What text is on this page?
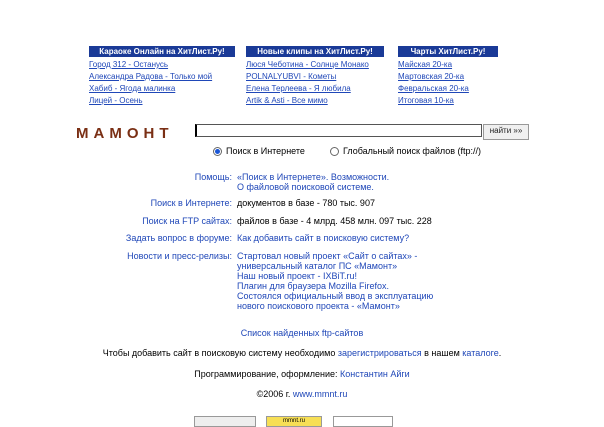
Караоке Онлайн на ХитЛист.Ру!
Город 312 - Останусь
Александра Радова - Только мой
Хабиб - Ягода малинка
Лицей - Осень
Новые клипы на ХитЛист.Ру!
Люся Чеботина - Солнце Монако
POLNALYUBVI - Кометы
Елена Терлеева - Я любила
Artik & Asti - Все мимо
Чарты ХитЛист.Ру!
Майская 20-ка
Мартовская 20-ка
Февральская 20-ка
Итоговая 10-ка
МАМОНТ	найти »»
Поиск в Интернете	Глобальный поиск файлов (ftp://)
Помощь: «Поиск в Интернете». Возможности.
О файловой поисковой системе.
Поиск в Интернете: документов в базе - 780 тыс. 907
Поиск на FTP сайтах: файлов в базе - 4 млрд. 458 млн. 097 тыс. 228
Задать вопрос в форуме: Как добавить сайт в поисковую систему?
Новости и пресс-релизы: Стартовал новый проект «Сайт о сайтах» -
универсальный каталог ПС «Мамонт»
Наш новый проект - IXBiT.ru!
Плагин для браузера Mozilla Firefox.
Состоялся официальный ввод в эксплуатацию
нового поискового проекта - «Мамонт»
Список найденных ftp-сайтов
Чтобы добавить сайт в поисковую систему необходимо зарегистрироваться в нашем каталоге.
Программирование, оформление: Константин Айги
©2006 г. www.mmnt.ru
mmnt.ru
